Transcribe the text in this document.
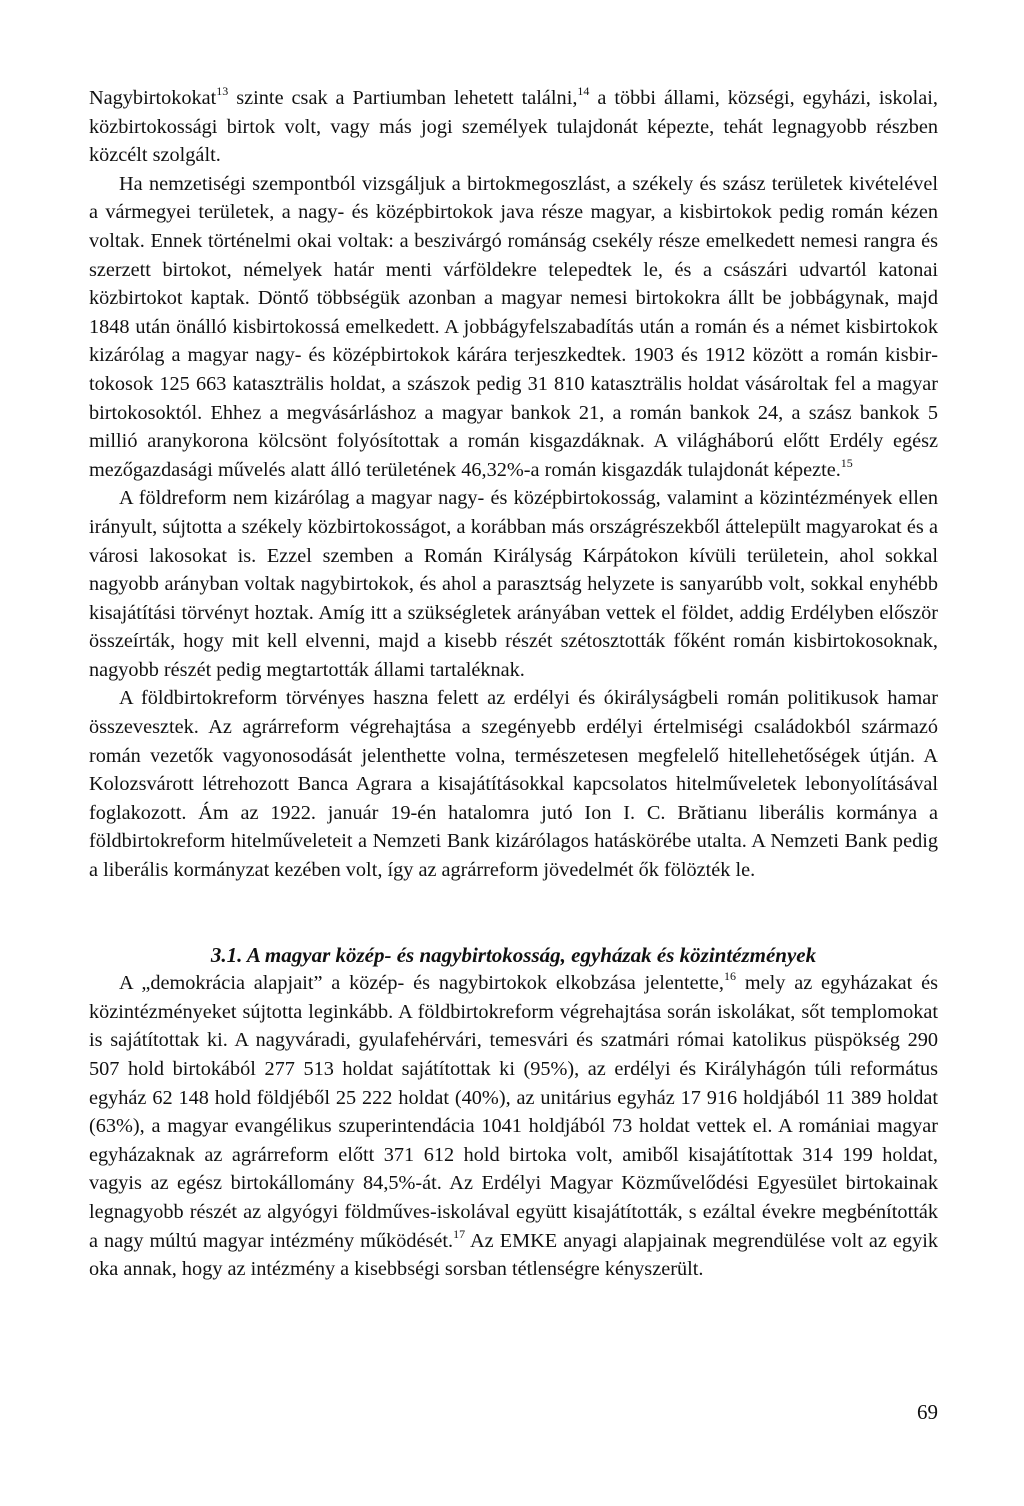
Nagybirtokokat$^{13}$ szinte csak a Partiumban lehetett találni,$^{14}$ a többi állami, községi, egyházi, iskolai, közbirtokossági birtok volt, vagy más jogi személyek tulajdonát képezte, tehát legnagyobb részben közcélt szolgált.

Ha nemzetiségi szempontból vizsgáljuk a birtokmegoszlást, a székely és szász területek kivételével a vármegyei területek, a nagy- és középbirtokok java része magyar, a kisbirtokok pedig román kézen voltak. Ennek történelmi okai voltak: a beszivárgó románság csekély része emelkedett nemesi rangra és szerzett birtokot, némelyek határ menti várföldekre telepedtek le, és a császári udvartól katonai közbirtokot kaptak. Döntő többségük azonban a magyar nemesi birtokokra állt be jobbágynak, majd 1848 után önálló kisbirtokossá emelkedett. A jobbágyfelszabadítás után a román és a német kisbirtokok kizárólag a magyar nagy- és középbirtokok kárára terjeszkedtek. 1903 és 1912 között a román kisbirtokosok 125 663 kataszträlis holdat, a szászok pedig 31 810 kataszträlis holdat vásároltak fel a magyar birtokosoktól. Ehhez a megvásárláshoz a magyar bankok 21, a román bankok 24, a szász bankok 5 millió aranykorona kölcsönt folyósítottak a román kisgazdáknak. A világháború előtt Erdély egész mezőgazdasági művelés alatt álló területének 46,32%-a román kisgazdák tulajdonát képezte.$^{15}$

A földreform nem kizárólag a magyar nagy- és középbirtokosság, valamint a közintézmények ellen irányult, sújtotta a székely közbirtokosságot, a korábban más országrészekből áttelepült magyarokat és a városi lakosokat is. Ezzel szemben a Román Királyság Kárpátokon kívüli területein, ahol sokkal nagyobb arányban voltak nagybirtokok, és ahol a parasztság helyzete is sanyarúbb volt, sokkal enyhébb kisajátítási törvényt hoztak. Amíg itt a szükségletek arányában vettek el földet, addig Erdélyben először összeírták, hogy mit kell elvenni, majd a kisebb részét szétosztották főként román kisbirtokosoknak, nagyobb részét pedig megtartották állami tartaléknak.

A földbirtokreform törvényes haszna felett az erdélyi és ókirályságbeli román politikusok hamar összevesztek. Az agrárreform végrehajtása a szegényebb erdélyi értelmiségi családokból származó román vezetők vagyonosodását jelenthette volna, természetesen megfelelő hitellehetőségek útján. A Kolozsvárott létrehozott Banca Agrara a kisajátításokkal kapcsolatos hitelműveletek lebonyolításával foglakozott. Ám az 1922. január 19-én hatalomra jutó Ion I. C. Brătianu liberális kormánya a földbirtokreform hitelműveleteit a Nemzeti Bank kizárólagos hatáskörébe utalta. A Nemzeti Bank pedig a liberális kormányzat kezében volt, így az agrárreform jövedelmét ők fölözték le.

3.1. A magyar közép- és nagybirtokosság, egyházak és közintézmények

A „demokrácia alapjait” a közép- és nagybirtokok elkobzása jelentette,$^{16}$ mely az egyházakat és közintézményeket sújtotta leginkább. A földbirtokreform végrehajtása során iskolákat, sőt templomokat is sajátítottak ki. A nagyváradi, gyulafehérvári, temesvári és szatmári római katolikus püspökség 290 507 hold birtokából 277 513 holdat sajátítottak ki (95%), az erdélyi és Királyhágón túli református egyház 62 148 hold földjéből 25 222 holdat (40%), az unitárius egyház 17 916 holdjából 11 389 holdat (63%), a magyar evangélikus szuperintendácia 1041 holdjából 73 holdat vettek el. A romániai magyar egyházaknak az agrárreform előtt 371 612 hold birtoka volt, amiből kisajátítottak 314 199 holdat, vagyis az egész birtokállomány 84,5%-át. Az Erdélyi Magyar Közművelődési Egyesület birtokainak legnagyobb részét az algyógyi földműves-iskolával együtt kisajátították, s ezáltal évekre megbénították a nagy múltú magyar intézmény működését.$^{17}$ Az EMKE anyagi alapjainak megrendülése volt az egyik oka annak, hogy az intézmény a kisebbségi sorsban tétlenségre kényszerült.

69
